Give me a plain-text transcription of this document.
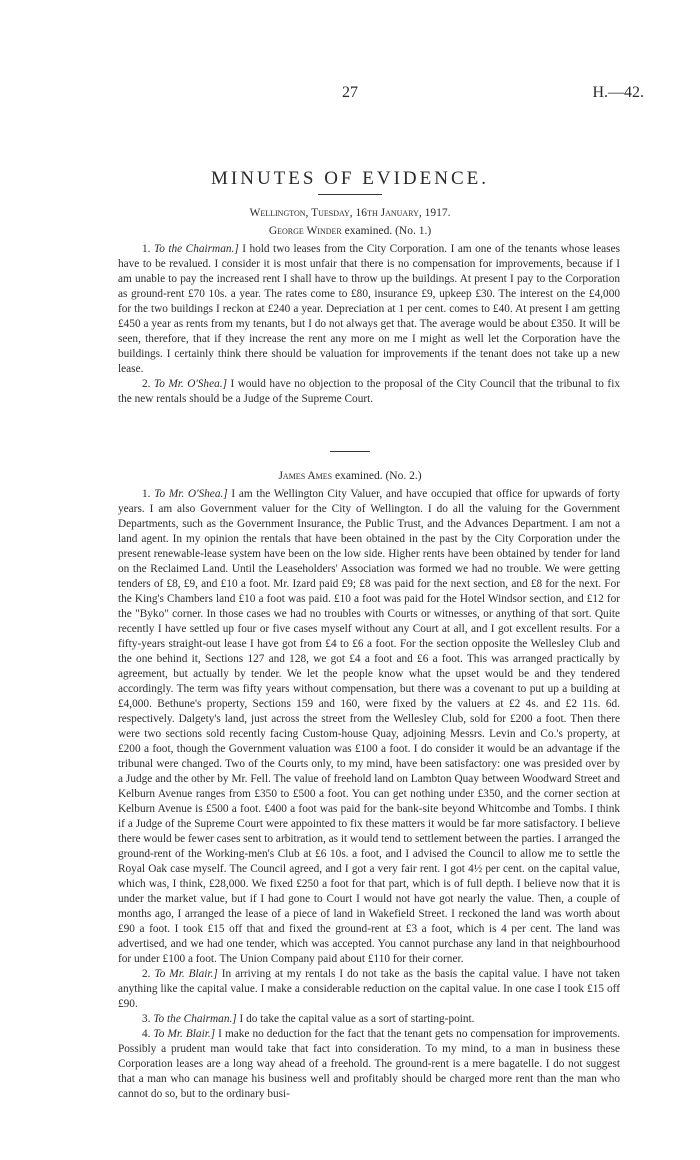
27	H.—42.
MINUTES OF EVIDENCE.
Wellington, Tuesday, 16th January, 1917.
George Winder examined. (No. 1.)

1. To the Chairman.] I hold two leases from the City Corporation. I am one of the tenants whose leases have to be revalued. I consider it is most unfair that there is no compensation for improvements, because if I am unable to pay the increased rent I shall have to throw up the buildings. At present I pay to the Corporation as ground-rent £70 10s. a year. The rates come to £80, insurance £9, upkeep £30. The interest on the £4,000 for the two buildings I reckon at £240 a year. Depreciation at 1 per cent. comes to £40. At present I am getting £450 a year as rents from my tenants, but I do not always get that. The average would be about £350. It will be seen, therefore, that if they increase the rent any more on me I might as well let the Corporation have the buildings. I certainly think there should be valuation for improvements if the tenant does not take up a new lease.

2. To Mr. O'Shea.] I would have no objection to the proposal of the City Council that the tribunal to fix the new rentals should be a Judge of the Supreme Court.

James Ames examined. (No. 2.)

1. To Mr. O'Shea.] I am the Wellington City Valuer, and have occupied that office for upwards of forty years. I am also Government valuer for the City of Wellington. I do all the valuing for the Government Departments, such as the Government Insurance, the Public Trust, and the Advances Department. I am not a land agent. In my opinion the rentals that have been obtained in the past by the City Corporation under the present renewable-lease system have been on the low side. Higher rents have been obtained by tender for land on the Reclaimed Land. Until the Leaseholders' Association was formed we had no trouble. We were getting tenders of £8, £9, and £10 a foot. Mr. Izard paid £9; £8 was paid for the next section, and £8 for the next. For the King's Chambers land £10 a foot was paid. £10 a foot was paid for the Hotel Windsor section, and £12 for the "Byko" corner. In those cases we had no troubles with Courts or witnesses, or anything of that sort. Quite recently I have settled up four or five cases myself without any Court at all, and I got excellent results. For a fifty-years straight-out lease I have got from £4 to £6 a foot. For the section opposite the Wellesley Club and the one behind it, Sections 127 and 128, we got £4 a foot and £6 a foot. This was arranged practically by agreement, but actually by tender. We let the people know what the upset would be and they tendered accordingly. The term was fifty years without compensation, but there was a covenant to put up a building at £4,000. Bethune's property, Sections 159 and 160, were fixed by the valuers at £2 4s. and £2 11s. 6d. respectively. Dalgety's land, just across the street from the Wellesley Club, sold for £200 a foot. Then there were two sections sold recently facing Custom-house Quay, adjoining Messrs. Levin and Co.'s property, at £200 a foot, though the Government valuation was £100 a foot. I do consider it would be an advantage if the tribunal were changed. Two of the Courts only, to my mind, have been satisfactory: one was presided over by a Judge and the other by Mr. Fell. The value of freehold land on Lambton Quay between Woodward Street and Kelburn Avenue ranges from £350 to £500 a foot. You can get nothing under £350, and the corner section at Kelburn Avenue is £500 a foot. £400 a foot was paid for the bank-site beyond Whitcombe and Tombs. I think if a Judge of the Supreme Court were appointed to fix these matters it would be far more satisfactory. I believe there would be fewer cases sent to arbitration, as it would tend to settlement between the parties. I arranged the ground-rent of the Working-men's Club at £6 10s. a foot, and I advised the Council to allow me to settle the Royal Oak case myself. The Council agreed, and I got a very fair rent. I got 4½ per cent. on the capital value, which was, I think, £28,000. We fixed £250 a foot for that part, which is of full depth. I believe now that it is under the market value, but if I had gone to Court I would not have got nearly the value. Then, a couple of months ago, I arranged the lease of a piece of land in Wakefield Street. I reckoned the land was worth about £90 a foot. I took £15 off that and fixed the ground-rent at £3 a foot, which is 4 per cent. The land was advertised, and we had one tender, which was accepted. You cannot purchase any land in that neighbourhood for under £100 a foot. The Union Company paid about £110 for their corner.

2. To Mr. Blair.] In arriving at my rentals I do not take as the basis the capital value. I have not taken anything like the capital value. I make a considerable reduction on the capital value. In one case I took £15 off £90.

3. To the Chairman.] I do take the capital value as a sort of starting-point.

4. To Mr. Blair.] I make no deduction for the fact that the tenant gets no compensation for improvements. Possibly a prudent man would take that fact into consideration. To my mind, to a man in business these Corporation leases are a long way ahead of a freehold. The ground-rent is a mere bagatelle. I do not suggest that a man who can manage his business well and profitably should be charged more rent than the man who cannot do so, but to the ordinary busi-
